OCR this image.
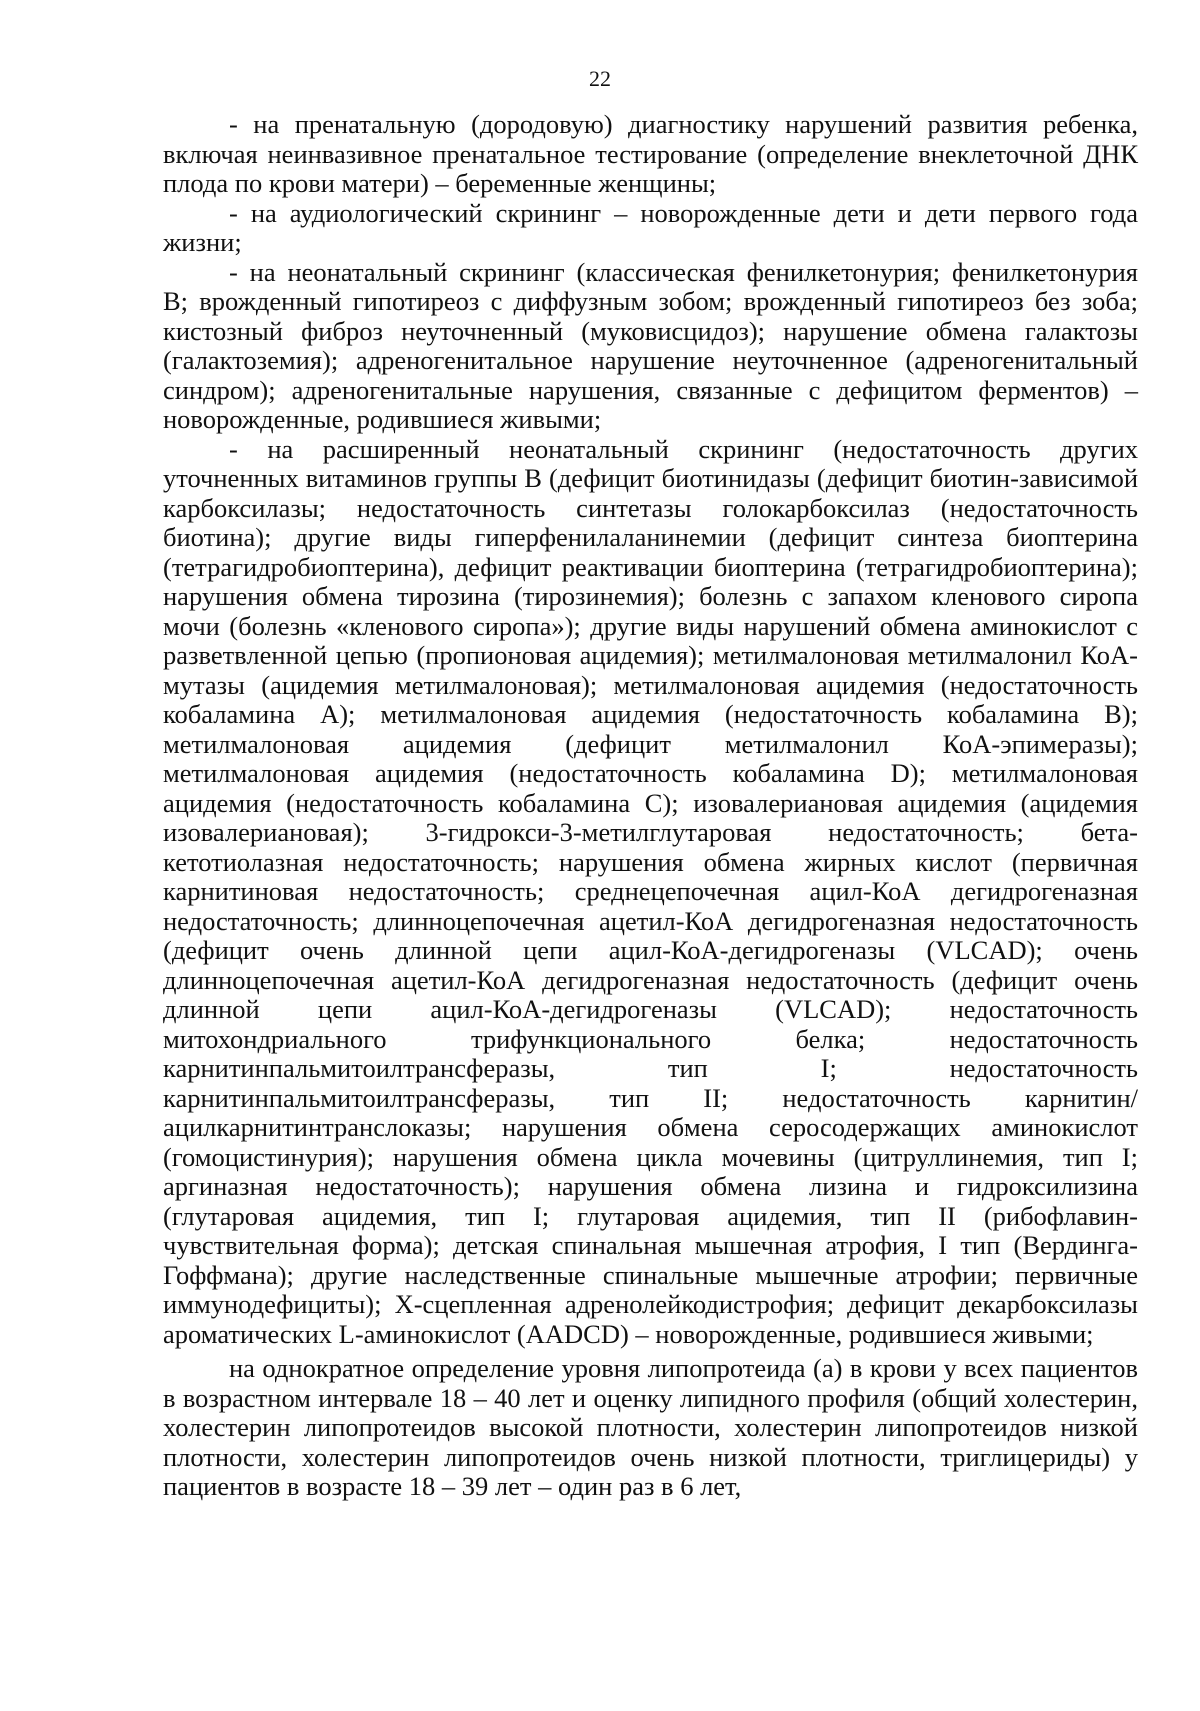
22

- на пренатальную (дородовую) диагностику нарушений развития ребенка, включая неинвазивное пренатальное тестирование (определение внеклеточной ДНК плода по крови матери) – беременные женщины;

- на аудиологический скрининг – новорожденные дети и дети первого года жизни;

- на неонатальный скрининг (классическая фенилкетонурия; фенилкетонурия В; врожденный гипотиреоз с диффузным зобом; врожденный гипотиреоз без зоба; кистозный фиброз неуточненный (муковисцидоз); нарушение обмена галактозы (галактоземия); адреногенитальное нарушение неуточненное (адреногенитальный синдром); адреногенитальные нарушения, связанные с дефицитом ферментов) – новорожденные, родившиеся живыми;

- на расширенный неонатальный скрининг (недостаточность других уточненных витаминов группы В (дефицит биотинидазы (дефицит биотин-зависимой карбоксилазы; недостаточность синтетазы голокарбоксилаз (недостаточность биотина); другие виды гиперфенилаланинемии (дефицит синтеза биоптерина (тетрагидробиоптерина), дефицит реактивации биоптерина (тетрагидробиоптерина); нарушения обмена тирозина (тирозинемия); болезнь с запахом кленового сиропа мочи (болезнь «кленового сиропа»); другие виды нарушений обмена аминокислот с разветвленной цепью (пропионовая ацидемия); метилмалоновая метилмалонил КоА-мутазы (ацидемия метилмалоновая); метилмалоновая ацидемия (недостаточность кобаламина А); метилмалоновая ацидемия (недостаточность кобаламина В); метилмалоновая ацидемия (дефицит метилмалонил КоА-эпимеразы); метилмалоновая ацидемия (недостаточность кобаламина D); метилмалоновая ацидемия (недостаточность кобаламина С); изовалериановая ацидемия (ацидемия изовалериановая); 3-гидрокси-3-метилглутаровая недостаточность; бета-кетотиолазная недостаточность; нарушения обмена жирных кислот (первичная карнитиновая недостаточность; среднецепочечная ацил-КоА дегидрогеназная недостаточность; длинноцепочечная ацетил-КоА дегидрогеназная недостаточность (дефицит очень длинной цепи ацил-КоА-дегидрогеназы (VLCAD); очень длинноцепочечная ацетил-КоА дегидрогеназная недостаточность (дефицит очень длинной цепи ацил-КоА-дегидрогеназы (VLCAD); недостаточность митохондриального трифункционального белка; недостаточность карнитинпальмитоилтрансферазы, тип I; недостаточность карнитинпальмитоилтрансферазы, тип II; недостаточность карнитин/ацилкарнитинтранслоказы; нарушения обмена серосодержащих аминокислот (гомоцистинурия); нарушения обмена цикла мочевины (цитруллинемия, тип I; аргиназная недостаточность); нарушения обмена лизина и гидроксилизина (глутаровая ацидемия, тип I; глутаровая ацидемия, тип II (рибофлавин-чувствительная форма); детская спинальная мышечная атрофия, I тип (Вердинга-Гоффмана); другие наследственные спинальные мышечные атрофии; первичные иммунодефициты); Х-сцепленная адренолейкодистрофия; дефицит декарбоксилазы ароматических L-аминокислот (AADCD) – новорожденные, родившиеся живыми;

на однократное определение уровня липопротеида (а) в крови у всех пациентов в возрастном интервале 18 – 40 лет и оценку липидного профиля (общий холестерин, холестерин липопротеидов высокой плотности, холестерин липопротеидов низкой плотности, холестерин липопротеидов очень низкой плотности, триглицериды) у пациентов в возрасте 18 – 39 лет – один раз в 6 лет,
